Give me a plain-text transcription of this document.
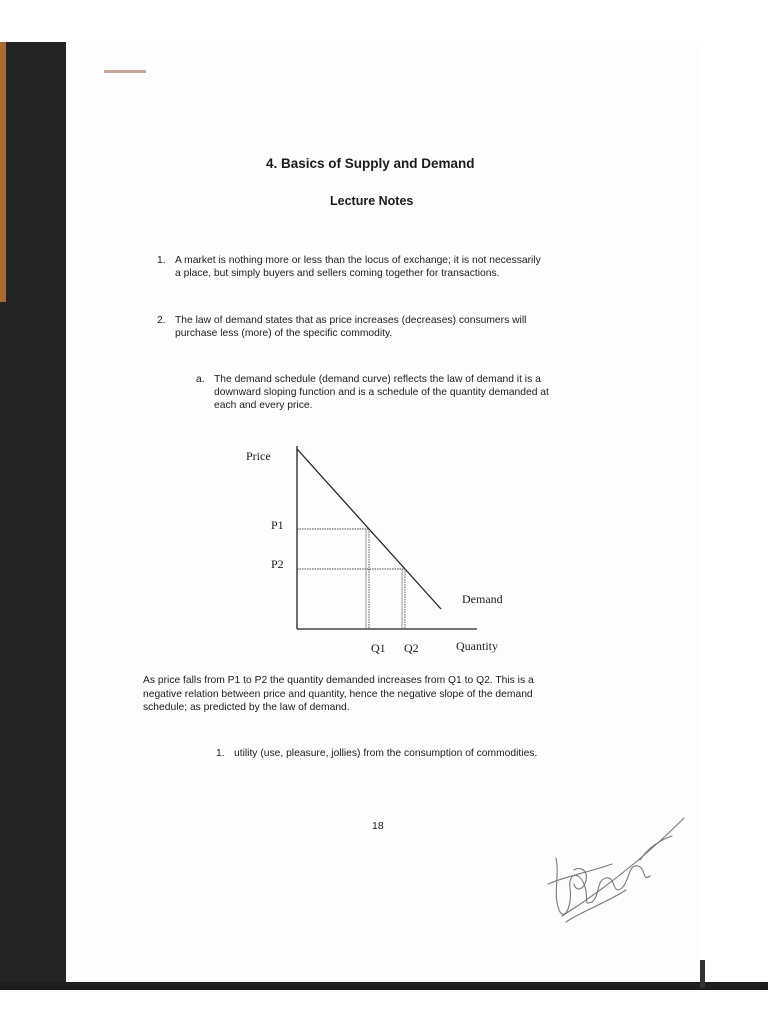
4. Basics of Supply and Demand
Lecture Notes
1. A market is nothing more or less than the locus of exchange; it is not necessarily
a place, but simply buyers and sellers coming together for transactions.
2. The law of demand states that as price increases (decreases) consumers will
purchase less (more) of the specific commodity.
a. The demand schedule (demand curve) reflects the law of demand it is a
downward sloping function and is a schedule of the quantity demanded at
each and every price.
Price
Quantity
Demand
P1
P2
Q1 Q2
As price falls from P1 to P2 the quantity demanded increases from Q1 to Q2. This is a
negative relation between price and quantity, hence the negative slope of the demand
schedule; as predicted by the law of demand.
1. utility (use, pleasure, jollies) from the consumption of commodities.
18
